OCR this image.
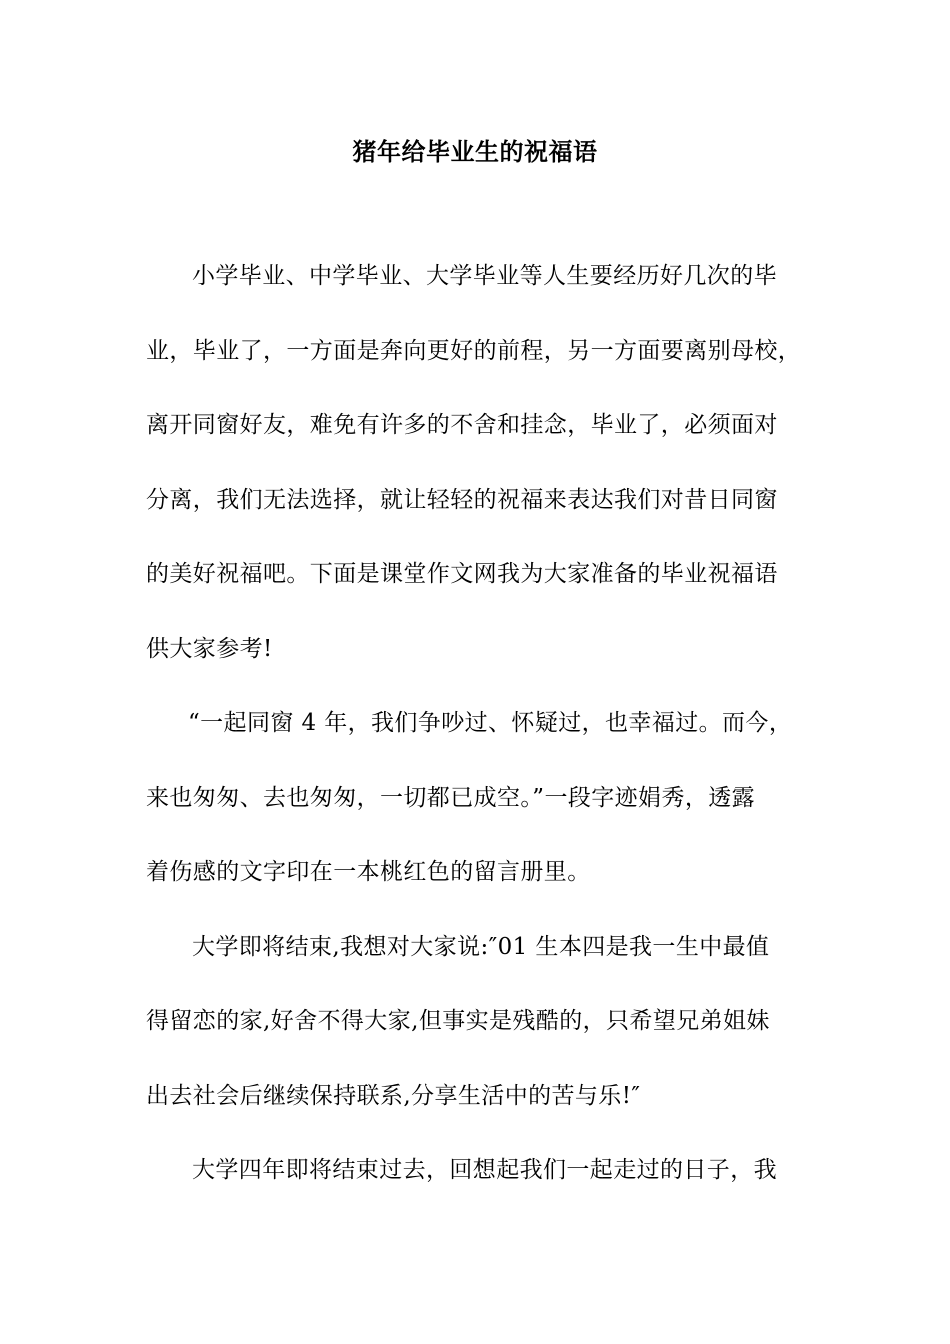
猪年给毕业生的祝福语
小学毕业、中学毕业、大学毕业等人生要经历好几次的毕
业，毕业了，一方面是奔向更好的前程，另一方面要离别母校，
离开同窗好友，难免有许多的不舍和挂念，毕业了，必须面对
分离，我们无法选择，就让轻轻的祝福来表达我们对昔日同窗
的美好祝福吧。下面是课堂作文网我为大家准备的毕业祝福语
供大家参考!
“一起同窗 4 年，我们争吵过、怀疑过，也幸福过。而今，
来也匆匆、去也匆匆，一切都已成空。”一段字迹娟秀，透露
着伤感的文字印在一本桃红色的留言册里。
大学即将结束,我想对大家说:″01 生本四是我一生中最值
得留恋的家,好舍不得大家,但事实是残酷的，只希望兄弟姐妹
出去社会后继续保持联系,分享生活中的苦与乐!″
大学四年即将结束过去，回想起我们一起走过的日子，我
